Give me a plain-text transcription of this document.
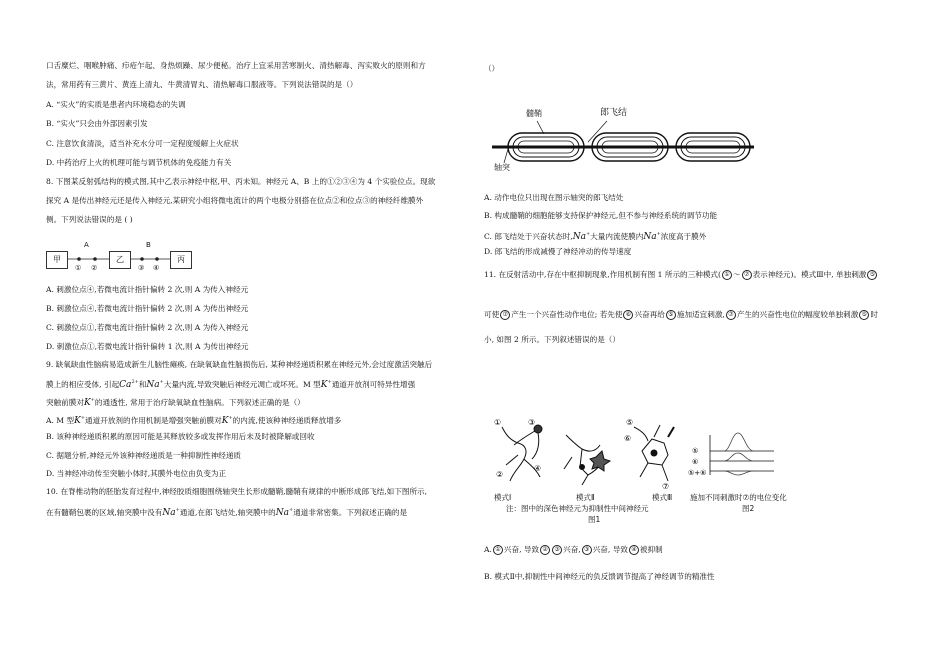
口舌糜烂、咽喉肿痛、疖疮乍起、身热烦躁、尿少便秘。治疗上宜采用苦寒制火、清热解毒、泻实败火的原则和方
法，常用药有三黄片、黄连上清丸、牛黄清胃丸、清热解毒口服液等。下列说法错误的是（）
A. “实火”的实质是患者内环境稳态的失调
B. “实火”只会由外部因素引发
C. 注意饮食清淡，适当补充水分可一定程度缓解上火症状
D. 中药治疗上火的机理可能与调节机体的免疫能力有关
8. 下图某反射弧结构的模式图,其中乙表示神经中枢,甲、丙未知。神经元 A、B 上的①②③④为 4 个实验位点。现欲
探究 A 是传出神经元还是传入神经元,某研究小组将微电流计的两个电极分别搭在位点②和位点③的神经纤维膜外
侧。下列说法错误的是 ( )
甲	乙	丙
A	B
① ②	③ ④
A. 刺激位点④,若微电流计指针偏转 2 次,则 A 为传入神经元
B. 刺激位点④,若微电流计指针偏转 2 次,则 A 为传出神经元
C. 刺激位点①,若微电流计指针偏转 2 次,则 A 为传入神经元
D. 刺激位点①,若微电流计指针偏转 1 次,则 A 为传出神经元
9. 缺氧缺血性脑病易造成新生儿脑性瘫痪, 在缺氧缺血性脑损伤后, 某种神经递质积累在神经元外,会过度激活突触后
膜上的相应受体, 引起$Ca^{2+}$和Na+大量内流,导致突触后神经元凋亡或坏死。M 型K+通道开放剂可特异性增强
突触前膜对K+的通透性, 常用于治疗缺氧缺血性脑病。下列叙述正确的是（）
A. M 型K+通道开放剂的作用机制是增强突触前膜对K+的内流,使该种神经递质释放增多
B. 该种神经递质积累的原因可能是其释放较多或发挥作用后未及时被降解或回收
C. 据题分析,神经元外该种神经递质是一种抑制性神经递质
D. 当神经冲动传至突触小体时,其膜外电位由负变为正
10. 在脊椎动物的胚胎发育过程中,神经胶质细胞围绕轴突生长形成髓鞘,髓鞘有规律的中断形成郎飞结,如下图所示,
在有髓鞘包裹的区域,轴突膜中没有Na+通道,在郎飞结处,轴突膜中的Na+通道非常密集。下列叙述正确的是
（）
髓鞘	郎飞结
轴突
A. 动作电位只出现在图示轴突的郎飞结处
B. 构成髓鞘的细胞能够支持保护神经元,但不参与神经系统的调节功能
C. 郎飞结处于兴奋状态时,Na+大量内流使膜内Na+浓度高于膜外
D. 郎飞结的形成减慢了神经冲动的传导速度
11. 在反射活动中,存在中枢抑制现象,作用机制有图 1 所示的三种模式( ① ～ ⑦ 表示神经元)。模式Ⅲ中, 单独刺激 ⑤
可使 ⑦ 产生一个兴奋性动作电位; 若先使 ⑥ 兴奋再给 ⑤ 施加适宜刺激, ⑦ 产生的兴奋性电位的幅度较单独刺激 ⑤ 时
小, 如图 2 所示。下列叙述错误的是（）
①	③
②
④
⑤
⑥
⑦
⑤
⑥
⑤+⑥
模式Ⅰ	模式Ⅱ	模式Ⅲ 施加不同刺激时⑦的电位变化
注：图中的深色神经元为抑制性中间神经元	图2
图1
A. ① 兴奋, 导致 ② ③ 兴奋, ③ 兴奋, 导致 ④ 被抑制
B. 模式Ⅱ中,抑制性中间神经元的负反馈调节提高了神经调节的精准性
